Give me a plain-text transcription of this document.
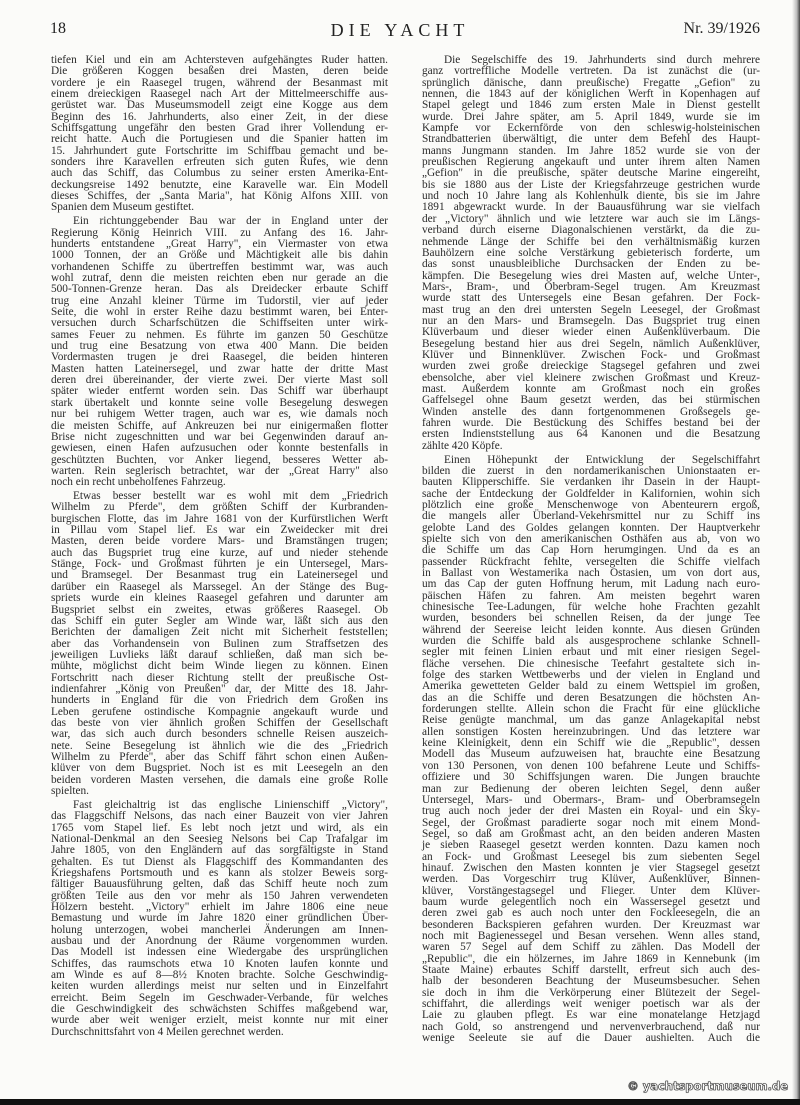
18	DIE YACHT	Nr. 39/1926
tiefen Kiel und ein am Achtersteven aufgehängtes Ruder hatten.
Die größeren Koggen besaßen drei Masten, deren beide
vordere je ein Raasegel trugen, während der Besanmast mit
einem dreieckigen Raasegel nach Art der Mittelmeerschiffe aus-
gerüstet war. Das Museumsmodell zeigt eine Kogge aus dem
Beginn des 16. Jahrhunderts, also einer Zeit, in der diese
Schiffsgattung ungefähr den besten Grad ihrer Vollendung er-
reicht hatte. Auch die Portugiesen und die Spanier hatten im
15. Jahrhundert gute Fortschritte im Schiffbau gemacht und be-
sonders ihre Karavellen erfreuten sich guten Rufes, wie denn
auch das Schiff, das Columbus zu seiner ersten Amerika-Ent-
deckungsreise 1492 benutzte, eine Karavelle war. Ein Modell
dieses Schiffes, der „Santa Maria", hat König Alfons XIII. von
Spanien dem Museum gestiftet.
Ein richtunggebender Bau war der in England unter der
Regierung König Heinrich VIII. zu Anfang des 16. Jahr-
hunderts entstandene „Great Harry", ein Viermaster von etwa
1000 Tonnen, der an Größe und Mächtigkeit alle bis dahin
vorhandenen Schiffe zu übertreffen bestimmt war, was auch
wohl zutraf, denn die meisten reichten eben nur gerade an die
500-Tonnen-Grenze heran. Das als Dreidecker erbaute Schiff
trug eine Anzahl kleiner Türme im Tudorstil, vier auf jeder
Seite, die wohl in erster Reihe dazu bestimmt waren, bei Enter-
versuchen durch Scharfschützen die Schiffseiten unter wirk-
sames Feuer zu nehmen. Es führte im ganzen 50 Geschütze
und trug eine Besatzung von etwa 400 Mann. Die beiden
Vordermasten trugen je drei Raasegel, die beiden hinteren
Masten hatten Lateinersegel, und zwar hatte der dritte Mast
deren drei übereinander, der vierte zwei. Der vierte Mast soll
später wieder entfernt worden sein. Das Schiff war überhaupt
stark übertakelt und konnte seine volle Besegelung deswegen
nur bei ruhigem Wetter tragen, auch war es, wie damals noch
die meisten Schiffe, auf Ankreuzen bei nur einigermaßen flotter
Brise nicht zugeschnitten und war bei Gegenwinden darauf an-
gewiesen, einen Hafen aufzusuchen oder konnte bestenfalls in
geschützten Buchten, vor Anker liegend, besseres Wetter ab-
warten. Rein seglerisch betrachtet, war der „Great Harry" also
noch ein recht unbeholfenes Fahrzeug.
Etwas besser bestellt war es wohl mit dem „Friedrich
Wilhelm zu Pferde", dem größten Schiff der Kurbranden-
burgischen Flotte, das im Jahre 1681 von der Kurfürstlichen Werft
in Pillau vom Stapel lief. Es war ein Zweidecker mit drei
Masten, deren beide vordere Mars- und Bramstängen trugen;
auch das Bugspriet trug eine kurze, auf und nieder stehende
Stänge, Fock- und Großmast führten je ein Untersegel, Mars-
und Bramsegel. Der Besanmast trug ein Lateinersegel und
darüber ein Raasegel als Marssegel. An der Stänge des Bug-
spriets wurde ein kleines Raasegel gefahren und darunter am
Bugspriet selbst ein zweites, etwas größeres Raasegel. Ob
das Schiff ein guter Segler am Winde war, läßt sich aus den
Berichten der damaligen Zeit nicht mit Sicherheit feststellen;
aber das Vorhandensein von Bulinen zum Straffsetzen des
jeweiligen Luvlieks läßt darauf schließen, daß man sich be-
mühte, möglichst dicht beim Winde liegen zu können. Einen
Fortschritt nach dieser Richtung stellt der preußische Ost-
indienfahrer „König von Preußen" dar, der Mitte des 18. Jahr-
hunderts in England für die von Friedrich dem Großen ins
Leben gerufene ostindische Kompagnie angekauft wurde und
das beste von vier ähnlich großen Schiffen der Gesellschaft
war, das sich auch durch besonders schnelle Reisen auszeich-
nete. Seine Besegelung ist ähnlich wie die des „Friedrich
Wilhelm zu Pferde", aber das Schiff fährt schon einen Außen-
klüver von dem Bugspriet. Noch ist es mit Leesegeln an den
beiden vorderen Masten versehen, die damals eine große Rolle
spielten.
Fast gleichaltrig ist das englische Linienschiff „Victory",
das Flaggschiff Nelsons, das nach einer Bauzeit von vier Jahren
1765 vom Stapel lief. Es lebt noch jetzt und wird, als ein
National-Denkmal an den Seesieg Nelsons bei Cap Trafalgar im
Jahre 1805, von den Engländern auf das sorgfältigste in Stand
gehalten. Es tut Dienst als Flaggschiff des Kommandanten des
Kriegshafens Portsmouth und es kann als stolzer Beweis sorg-
fältiger Bauausführung gelten, daß das Schiff heute noch zum
größten Teile aus den vor mehr als 150 Jahren verwendeten
Hölzern besteht. „Victory" erhielt im Jahre 1806 eine neue
Bemastung und wurde im Jahre 1820 einer gründlichen Über-
holung unterzogen, wobei mancherlei Änderungen am Innen-
ausbau und der Anordnung der Räume vorgenommen wurden.
Das Modell ist indessen eine Wiedergabe des ursprünglichen
Schiffes, das raumschots etwa 10 Knoten laufen konnte und
am Winde es auf 8—8½ Knoten brachte. Solche Geschwindig-
keiten wurden allerdings meist nur selten und in Einzelfahrt
erreicht. Beim Segeln im Geschwader-Verbande, für welches
die Geschwindigkeit des schwächsten Schiffes maßgebend war,
wurde aber weit weniger erzielt, meist konnte nur mit einer
Durchschnittsfahrt von 4 Meilen gerechnet werden.
Die Segelschiffe des 19. Jahrhunderts sind durch mehrere
ganz vortreffliche Modelle vertreten. Da ist zunächst die (ur-
sprünglich dänische, dann preußische) Fregatte „Gefion" zu
nennen, die 1843 auf der königlichen Werft in Kopenhagen auf
Stapel gelegt und 1846 zum ersten Male in Dienst gestellt
wurde. Drei Jahre später, am 5. April 1849, wurde sie im
Kampfe vor Eckernförde von den schleswig-holsteinischen
Strandbatterien überwältigt, die unter dem Befehl des Haupt-
manns Jungmann standen. Im Jahre 1852 wurde sie von der
preußischen Regierung angekauft und unter ihrem alten Namen
„Gefion" in die preußische, später deutsche Marine eingereiht,
bis sie 1880 aus der Liste der Kriegsfahrzeuge gestrichen wurde
und noch 10 Jahre lang als Kohlenhulk diente, bis sie im Jahre
1891 abgewrackt wurde. In der Bauausführung war sie vielfach
der „Victory" ähnlich und wie letztere war auch sie im Längs-
verband durch eiserne Diagonalschienen verstärkt, da die zu-
nehmende Länge der Schiffe bei den verhältnismäßig kurzen
Bauhölzern eine solche Verstärkung gebieterisch forderte, um
das sonst unausbleibliche Durchsacken der Enden zu be-
kämpfen. Die Besegelung wies drei Masten auf, welche Unter-,
Mars-, Bram-, und Oberbram-Segel trugen. Am Kreuzmast
wurde statt des Untersegels eine Besan gefahren. Der Fock-
mast trug an den drei untersten Segeln Leesegel, der Großmast
nur an den Mars- und Bramsegeln. Das Bugspriet trug einen
Klüverbaum und dieser wieder einen Außenklüverbaum. Die
Besegelung bestand hier aus drei Segeln, nämlich Außenklüver,
Klüver und Binnenklüver. Zwischen Fock- und Großmast
wurden zwei große dreieckige Stagsegel gefahren und zwei
ebensolche, aber viel kleinere zwischen Großmast und Kreuz-
mast. Außerdem konnte am Großmast noch ein großes
Gaffelsegel ohne Baum gesetzt werden, das bei stürmischen
Winden anstelle des dann fortgenommenen Großsegels ge-
fahren wurde. Die Bestückung des Schiffes bestand bei der
ersten Indienststellung aus 64 Kanonen und die Besatzung
zählte 420 Köpfe.
Einen Höhepunkt der Entwicklung der Segelschiffahrt
bilden die zuerst in den nordamerikanischen Unionstaaten er-
bauten Klipperschiffe. Sie verdanken ihr Dasein in der Haupt-
sache der Entdeckung der Goldfelder in Kalifornien, wohin sich
plötzlich eine große Menschenwoge von Abenteurern ergoß,
die mangels aller Überland-Vekehrsmittel nur zu Schiff ins
gelobte Land des Goldes gelangen konnten. Der Hauptverkehr
spielte sich von den amerikanischen Osthäfen aus ab, von wo
die Schiffe um das Cap Horn herumgingen. Und da es an
passender Rückfracht fehlte, versegelten die Schiffe vielfach
in Ballast von Westamerika nach Ostasien, um von dort aus,
um das Cap der guten Hoffnung herum, mit Ladung nach euro-
päischen Häfen zu fahren. Am meisten begehrt waren
chinesische Tee-Ladungen, für welche hohe Frachten gezahlt
wurden, besonders bei schnellen Reisen, da der junge Tee
während der Seereise leicht leiden konnte. Aus diesen Gründen
wurden die Schiffe bald als ausgesprochene schlanke Schnell-
segler mit feinen Linien erbaut und mit einer riesigen Segel-
fläche versehen. Die chinesische Teefahrt gestaltete sich in-
folge des starken Wettbewerbs und der vielen in England und
Amerika gewetteten Gelder bald zu einem Wettspiel im großen,
das an die Schiffe und deren Besatzungen die höchsten An-
forderungen stellte. Allein schon die Fracht für eine glückliche
Reise genügte manchmal, um das ganze Anlagekapital nebst
allen sonstigen Kosten hereinzubringen. Und das letztere war
keine Kleinigkeit, denn ein Schiff wie die „Republic", dessen
Modell das Museum aufzuweisen hat, brauchte eine Besatzung
von 130 Personen, von denen 100 befahrene Leute und Schiffs-
offiziere und 30 Schiffsjungen waren. Die Jungen brauchte
man zur Bedienung der oberen leichten Segel, denn außer
Untersegel, Mars- und Obermars-, Bram- und Oberbramsegeln
trug auch noch jeder der drei Masten ein Royal- und ein Sky-
Segel, der Großmast paradierte sogar noch mit einem Mond-
Segel, so daß am Großmast acht, an den beiden anderen Masten
je sieben Raasegel gesetzt werden konnten. Dazu kamen noch
an Fock- und Großmast Leesegel bis zum siebenten Segel
hinauf. Zwischen den Masten konnten je vier Stagsegel gesetzt
werden. Das Vorgeschirr trug Klüver, Außenklüver, Binnen-
klüver, Vorstängestagsegel und Flieger. Unter dem Klüver-
baum wurde gelegentlich noch ein Wassersegel gesetzt und
deren zwei gab es auch noch unter den Fockleesegeln, die an
besonderen Backspieren gefahren wurden. Der Kreuzmast war
noch mit Bagienessegel und Besan versehen. Wenn alles stand,
waren 57 Segel auf dem Schiff zu zählen. Das Modell der
„Republic", die ein hölzernes, im Jahre 1869 in Kennebunk (im
Staate Maine) erbautes Schiff darstellt, erfreut sich auch des-
halb der besonderen Beachtung der Museumsbesucher. Sehen
sie doch in ihm die Verkörperung einer Blütezeit der Segel-
schiffahrt, die allerdings weit weniger poetisch war als der
Laie zu glauben pflegt. Es war eine monatelange Hetzjagd
nach Gold, so anstrengend und nervenverbrauchend, daß nur
wenige Seeleute sie auf die Dauer aushielten. Auch die
© yachtsportmuseum.de
